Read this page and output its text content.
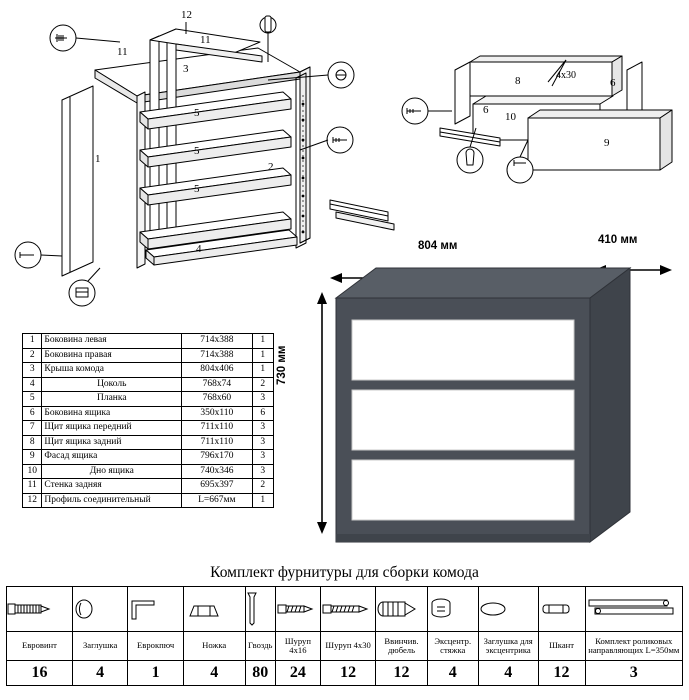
12
11
11
3
5
5
5
1
2
4
8
6
6
10
9
4х30
1	Боковина левая	714х388	1
2	Боковина правая	714х388	1
3	Крыша комода	804х406	1
4	Цоколь	768х74	2
5	Планка	768х60	3
6	Боковина ящика	350х110	6
7	Щит ящика передний	711х110	3
8	Щит ящика задний	711х110	3
9	Фасад ящика	796х170	3
10	Дно ящика	740х346	3
11	Стенка задняя	695х397	2
12	Профиль соединительный	L=667мм	1
804 мм	410 мм
730 мм
Комплект фурнитуры для сборки комода

Евровинт	Заглушка	Еврокпюч	Ножка	Гвоздь	Шуруп 4х16	Шуруп 4х30	Ввинчив. дюбель	Эксцентр. стяжка	Заглушка для эксцентрика	Шкант	Комплект роликовых направляющих L=350мм
16	4	1	4	80	24	12	12	4	4	12	3
